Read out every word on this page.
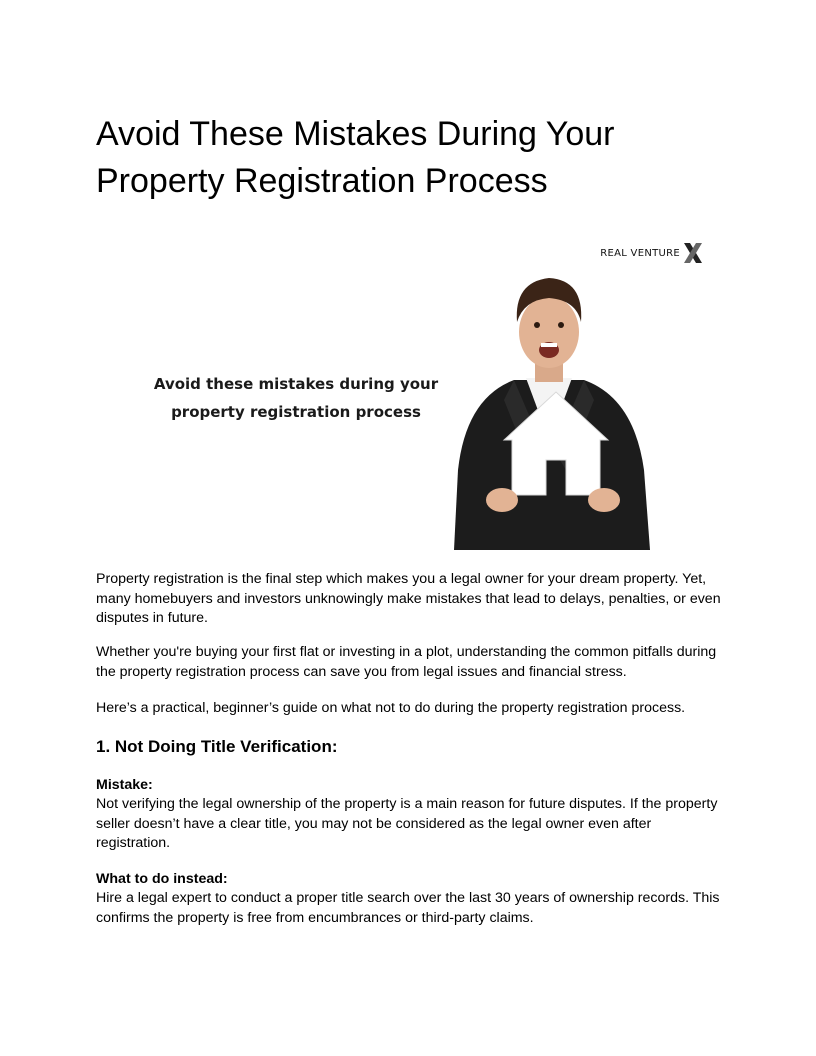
Avoid These Mistakes During Your Property Registration Process
REAL VENTURE
Avoid these mistakes during your property registration process

Property registration is the final step which makes you a legal owner for your dream property. Yet, many homebuyers and investors unknowingly make mistakes that lead to delays, penalties, or even disputes in future.

Whether you're buying your first flat or investing in a plot, understanding the common pitfalls during the property registration process can save you from legal issues and financial stress.

Here’s a practical, beginner’s guide on what not to do during the property registration process.

1. Not Doing Title Verification:

Mistake:

Not verifying the legal ownership of the property is a main reason for future disputes. If the property seller doesn’t have a clear title, you may not be considered as the legal owner even after registration.

What to do instead:

Hire a legal expert to conduct a proper title search over the last 30 years of ownership records. This confirms the property is free from encumbrances or third-party claims.
